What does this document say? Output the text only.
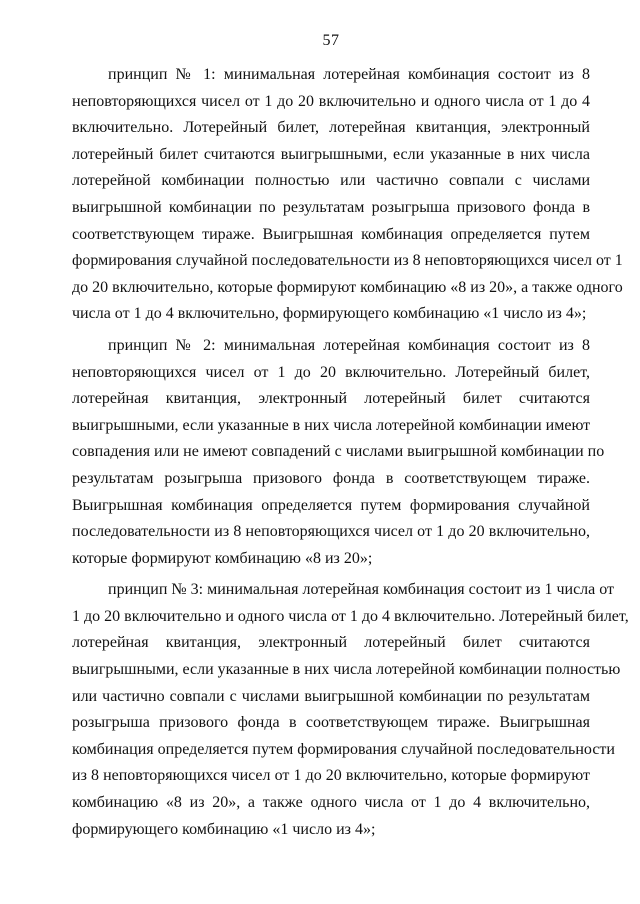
57
принцип № 1: минимальная лотерейная комбинация состоит из 8
неповторяющихся чисел от 1 до 20 включительно и одного числа от 1 до 4
включительно. Лотерейный билет, лотерейная квитанция, электронный
лотерейный билет считаются выигрышными, если указанные в них числа
лотерейной комбинации полностью или частично совпали с числами
выигрышной комбинации по результатам розыгрыша призового фонда в
соответствующем тираже. Выигрышная комбинация определяется путем
формирования случайной последовательности из 8 неповторяющихся чисел от 1
до 20 включительно, которые формируют комбинацию «8 из 20», а также одного
числа от 1 до 4 включительно, формирующего комбинацию «1 число из 4»;
принцип № 2: минимальная лотерейная комбинация состоит из 8
неповторяющихся чисел от 1 до 20 включительно. Лотерейный билет,
лотерейная квитанция, электронный лотерейный билет считаются
выигрышными, если указанные в них числа лотерейной комбинации имеют
совпадения или не имеют совпадений с числами выигрышной комбинации по
результатам розыгрыша призового фонда в соответствующем тираже.
Выигрышная комбинация определяется путем формирования случайной
последовательности из 8 неповторяющихся чисел от 1 до 20 включительно,
которые формируют комбинацию «8 из 20»;
принцип № 3: минимальная лотерейная комбинация состоит из 1 числа от
1 до 20 включительно и одного числа от 1 до 4 включительно. Лотерейный билет,
лотерейная квитанция, электронный лотерейный билет считаются
выигрышными, если указанные в них числа лотерейной комбинации полностью
или частично совпали с числами выигрышной комбинации по результатам
розыгрыша призового фонда в соответствующем тираже. Выигрышная
комбинация определяется путем формирования случайной последовательности
из 8 неповторяющихся чисел от 1 до 20 включительно, которые формируют
комбинацию «8 из 20», а также одного числа от 1 до 4 включительно,
формирующего комбинацию «1 число из 4»;
